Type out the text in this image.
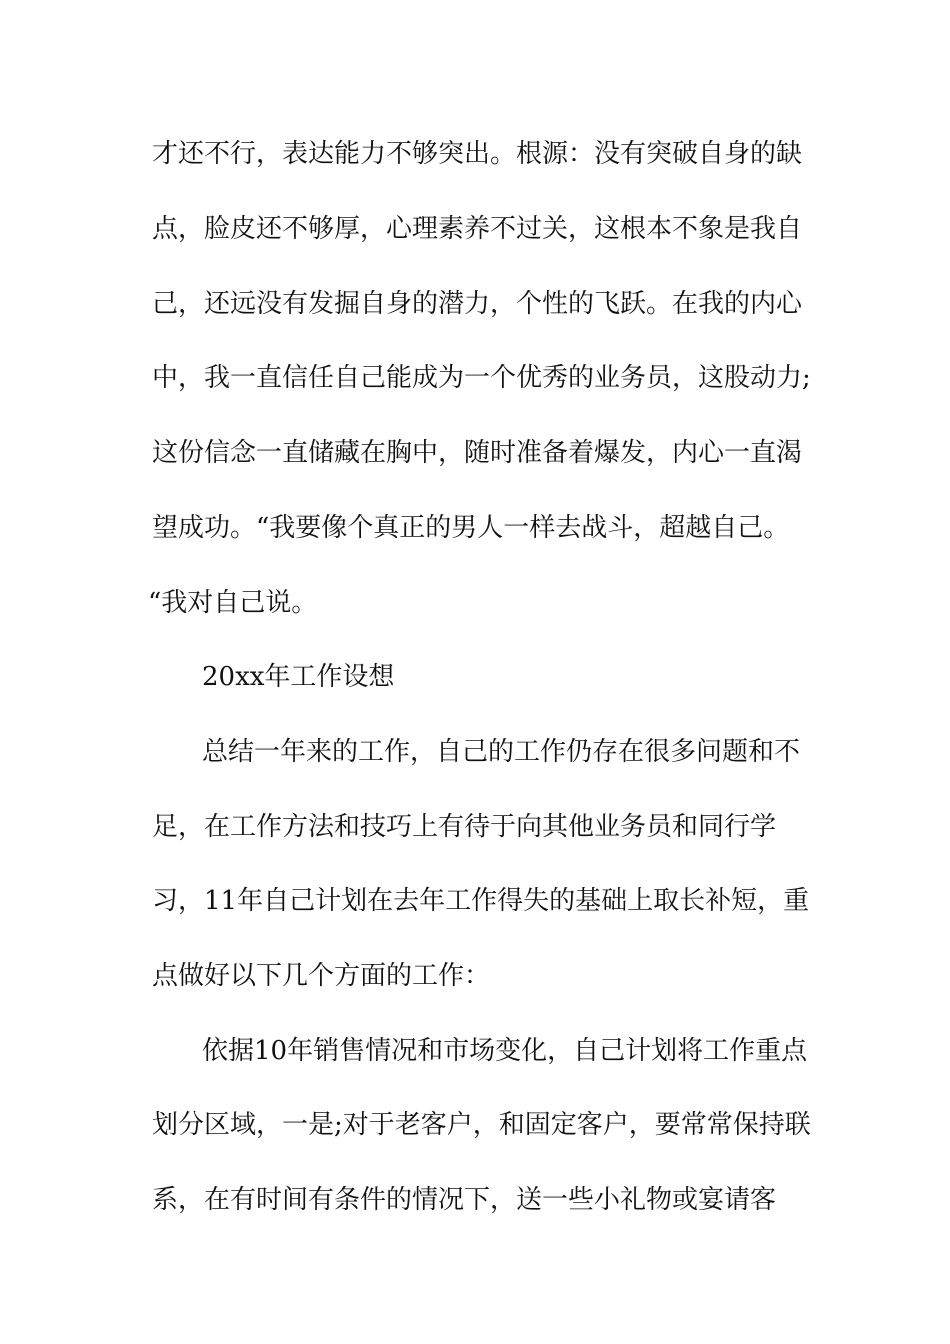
才还不行，表达能力不够突出。根源：没有突破自身的缺
点，脸皮还不够厚，心理素养不过关，这根本不象是我自
己，还远没有发掘自身的潜力，个性的飞跃。在我的内心
中，我一直信任自己能成为一个优秀的业务员，这股动力;
这份信念一直储藏在胸中，随时准备着爆发，内心一直渴
望成功。“我要像个真正的男人一样去战斗，超越自己。
“我对自己说。
20xx年工作设想
总结一年来的工作，自己的工作仍存在很多问题和不
足，在工作方法和技巧上有待于向其他业务员和同行学
习，11年自己计划在去年工作得失的基础上取长补短，重
点做好以下几个方面的工作：
依据10年销售情况和市场变化，自己计划将工作重点
划分区域，一是;对于老客户，和固定客户，要常常保持联
系，在有时间有条件的情况下，送一些小礼物或宴请客
